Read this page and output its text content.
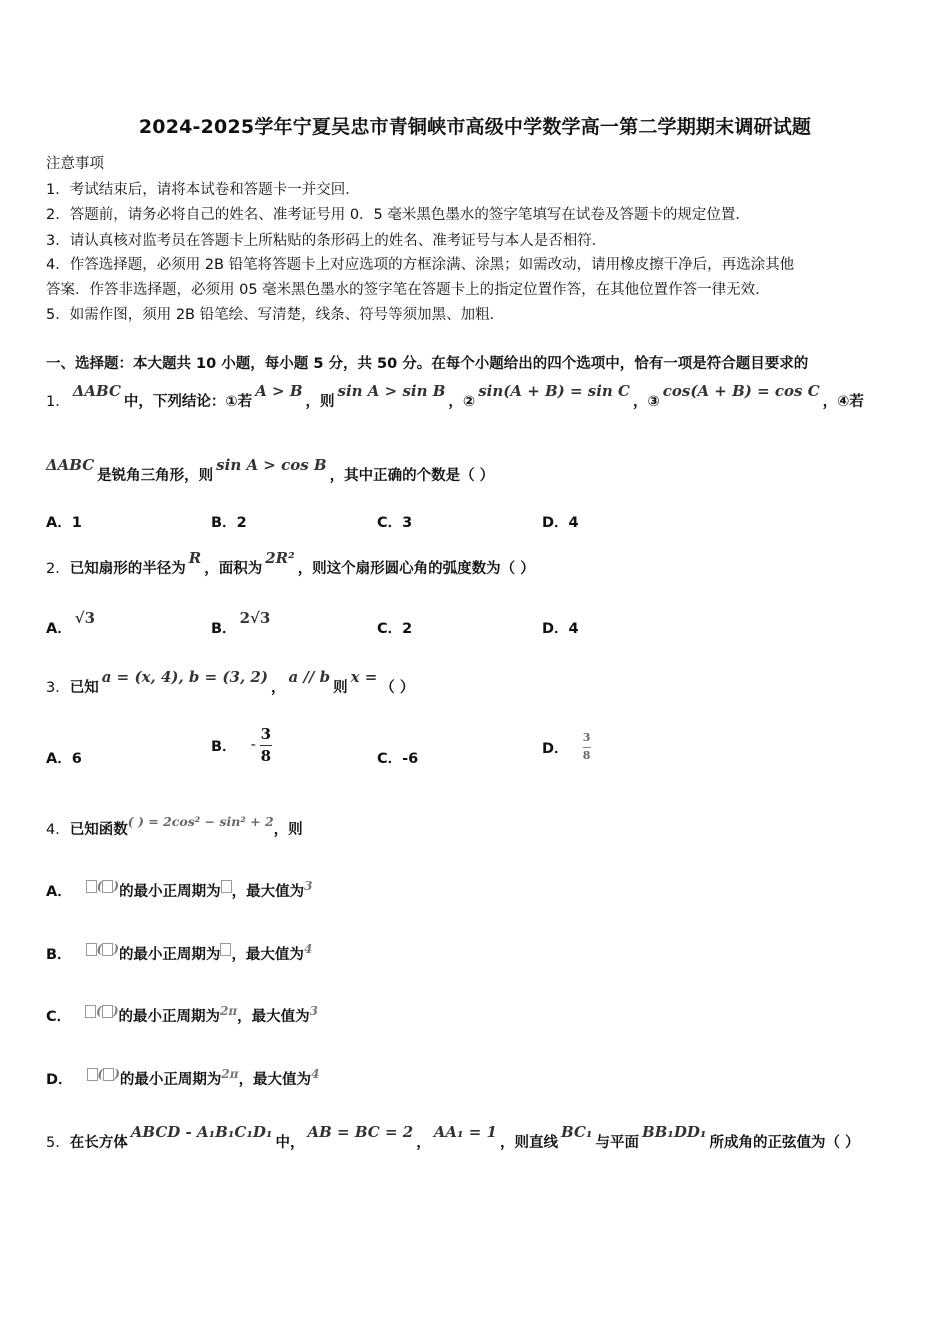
2024-2025学年宁夏吴忠市青铜峡市高级中学数学高一第二学期期末调研试题
注意事项
1．考试结束后，请将本试卷和答题卡一并交回．
2．答题前，请务必将自己的姓名、准考证号用 0．5 毫米黑色墨水的签字笔填写在试卷及答题卡的规定位置．
3．请认真核对监考员在答题卡上所粘贴的条形码上的姓名、准考证号与本人是否相符．
4．作答选择题，必须用 2B 铅笔将答题卡上对应选项的方框涂满、涂黑；如需改动，请用橡皮擦干净后，再选涂其他
答案．作答非选择题，必须用 05 毫米黑色墨水的签字笔在答题卡上的指定位置作答，在其他位置作答一律无效．
5．如需作图，须用 2B 铅笔绘、写清楚，线条、符号等须加黑、加粗．
一、选择题：本大题共 10 小题，每小题 5 分，共 50 分。在每个小题给出的四个选项中，恰有一项是符合题目要求的
1．ΔABC中，下列结论：①若A > B，则sin A > sin B，②sin(A + B) = sin C，③cos(A + B) = cos C，④若
ΔABC是锐角三角形，则sin A > cos B，其中正确的个数是（ ）
A．1	B．2	C．3	D．4
2．已知扇形的半径为R，面积为2R²，则这个扇形圆心角的弧度数为（ ）
A．√3
B．2√3
C．2	D．4
3．已知a = (x, 4), b = (3, 2)，a // b则x =（ ）
A．6
B． - $\frac{3}{8}$	C．-6
D． $\frac{3}{8}$
4．已知函数( ) = 2cos² − sin² + 2，则
A． ( )的最小正周期为 ，最大值为3
B． ( )的最小正周期为 ，最大值为4
C． ( )的最小正周期为2π，最大值为3
D． ( )的最小正周期为2π，最大值为4
5．在长方体ABCD - A₁B₁C₁D₁中，AB = BC = 2，AA₁ = 1，则直线BC₁与平面BB₁DD₁所成角的正弦值为（ ）
